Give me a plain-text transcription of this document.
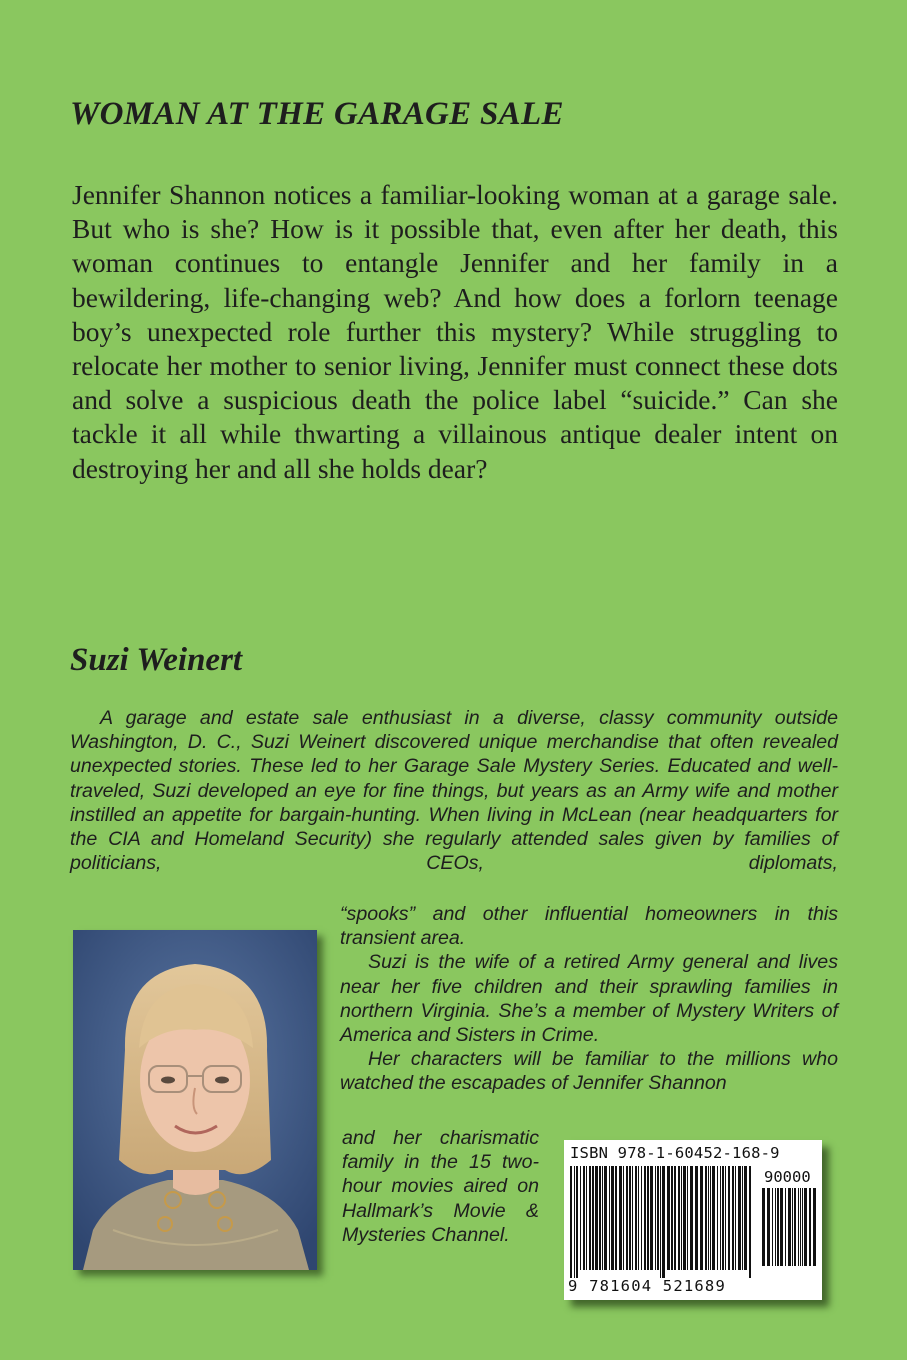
WOMAN AT THE GARAGE SALE

Jennifer Shannon notices a familiar-looking woman at a garage sale. But who is she? How is it possible that, even after her death, this woman continues to entangle Jennifer and her family in a bewildering, life-changing web? And how does a forlorn teenage boy’s unexpected role further this mystery? While struggling to relocate her mother to senior living, Jennifer must connect these dots and solve a suspicious death the police label “suicide.” Can she tackle it all while thwarting a villainous antique dealer intent on destroying her and all she holds dear?

Suzi Weinert

A garage and estate sale enthusiast in a diverse, classy community outside Washington, D. C., Suzi Weinert discovered unique merchandise that often revealed unexpected stories. These led to her Garage Sale Mystery Series. Educated and well-traveled, Suzi developed an eye for fine things, but years as an Army wife and mother instilled an appetite for bargain-hunting. When living in McLean (near headquarters for the CIA and Homeland Security) she regularly attended sales given by families of politicians, CEOs, diplomats,

“spooks” and other influential homeowners in this transient area.

Suzi is the wife of a retired Army general and lives near her five children and their sprawling families in northern Virginia. She’s a member of Mystery Writers of America and Sisters in Crime.

Her characters will be familiar to the millions who watched the escapades of Jennifer Shannon

and her charismatic family in the 15 two-hour movies aired on Hallmark’s Movie & Mysteries Channel.

ISBN 978-1-60452-168-9
90000
9 781604 521689
